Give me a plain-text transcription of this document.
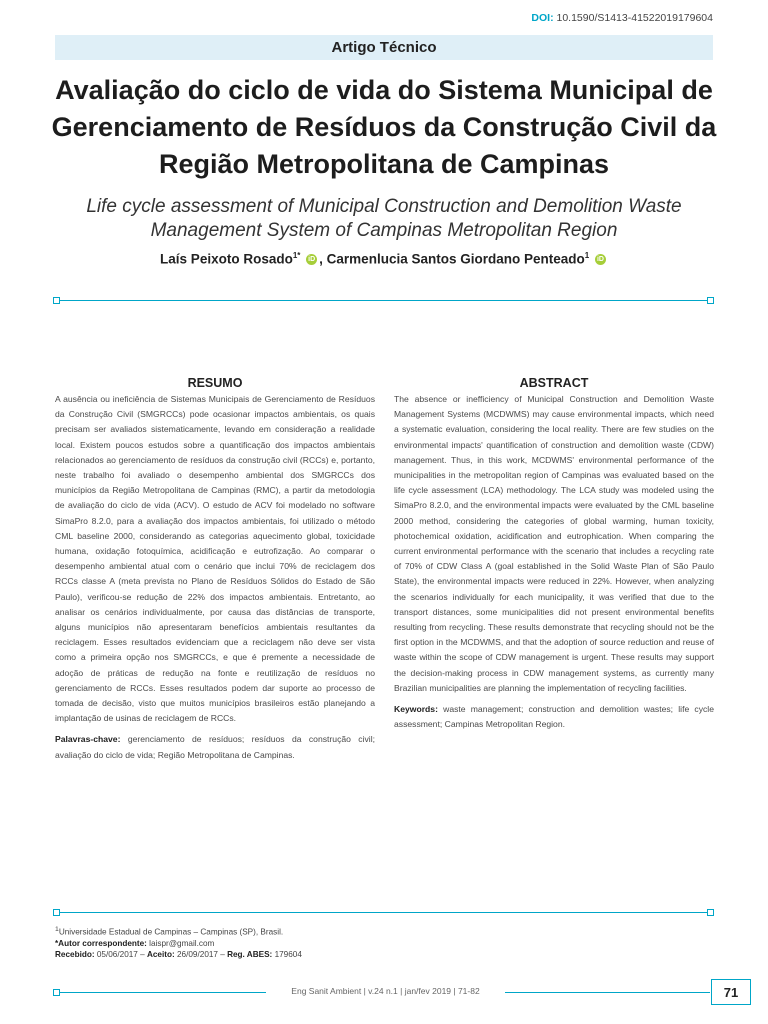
DOI: 10.1590/S1413-41522019179604
Artigo Técnico
Avaliação do ciclo de vida do Sistema Municipal de Gerenciamento de Resíduos da Construção Civil da Região Metropolitana de Campinas

Life cycle assessment of Municipal Construction and Demolition Waste Management System of Campinas Metropolitan Region

Laís Peixoto Rosado$^{1*}$ iD , Carmenlucia Santos Giordano Penteado$^1$ iD
RESUMO

A ausência ou ineficiência de Sistemas Municipais de Gerenciamento de Resíduos da Construção Civil (SMGRCCs) pode ocasionar impactos ambientais, os quais precisam ser avaliados sistematicamente, levando em consideração a realidade local. Existem poucos estudos sobre a quantificação dos impactos ambientais relacionados ao gerenciamento de resíduos da construção civil (RCCs) e, portanto, neste trabalho foi avaliado o desempenho ambiental dos SMGRCCs dos municípios da Região Metropolitana de Campinas (RMC), a partir da metodologia de avaliação do ciclo de vida (ACV). O estudo de ACV foi modelado no software SimaPro 8.2.0, para a avaliação dos impactos ambientais, foi utilizado o método CML baseline 2000, considerando as categorias aquecimento global, toxicidade humana, oxidação fotoquímica, acidificação e eutrofização. Ao comparar o desempenho ambiental atual com o cenário que inclui 70% de reciclagem dos RCCs classe A (meta prevista no Plano de Resíduos Sólidos do Estado de São Paulo), verificou-se redução de 22% dos impactos ambientais. Entretanto, ao analisar os cenários individualmente, por causa das distâncias de transporte, alguns municípios não apresentaram benefícios ambientais resultantes da reciclagem. Esses resultados evidenciam que a reciclagem não deve ser vista como a primeira opção nos SMGRCCs, e que é premente a necessidade de adoção de práticas de redução na fonte e reutilização de resíduos no gerenciamento de RCCs. Esses resultados podem dar suporte ao processo de tomada de decisão, visto que muitos municípios brasileiros estão planejando a implantação de usinas de reciclagem de RCCs.

Palavras-chave: gerenciamento de resíduos; resíduos da construção civil; avaliação do ciclo de vida; Região Metropolitana de Campinas.

ABSTRACT

The absence or inefficiency of Municipal Construction and Demolition Waste Management Systems (MCDWMS) may cause environmental impacts, which need a systematic evaluation, considering the local reality. There are few studies on the environmental impacts' quantification of construction and demolition waste (CDW) management. Thus, in this work, MCDWMS' environmental performance of the municipalities in the metropolitan region of Campinas was evaluated based on the life cycle assessment (LCA) methodology. The LCA study was modeled using the SimaPro 8.2.0, and the environmental impacts were evaluated by the CML baseline 2000 method, considering the categories of global warming, human toxicity, photochemical oxidation, acidification and eutrophication. When comparing the current environmental performance with the scenario that includes a recycling rate of 70% of CDW Class A (goal established in the Solid Waste Plan of São Paulo State), the environmental impacts were reduced in 22%. However, when analyzing the scenarios individually for each municipality, it was verified that due to the transport distances, some municipalities did not present environmental benefits resulting from recycling. These results demonstrate that recycling should not be the first option in the MCDWMS, and that the adoption of source reduction and reuse of waste within the scope of CDW management is urgent. These results may support the decision-making process in CDW management systems, as currently many Brazilian municipalities are planning the implementation of recycling facilities.

Keywords: waste management; construction and demolition wastes; life cycle assessment; Campinas Metropolitan Region.

$^1$Universidade Estadual de Campinas – Campinas (SP), Brasil.
*Autor correspondente: laispr@gmail.com
Recebido: 05/06/2017 – Aceito: 26/09/2017 – Reg. ABES: 179604
Eng Sanit Ambient | v.24 n.1 | jan/fev 2019 | 71-82	71
